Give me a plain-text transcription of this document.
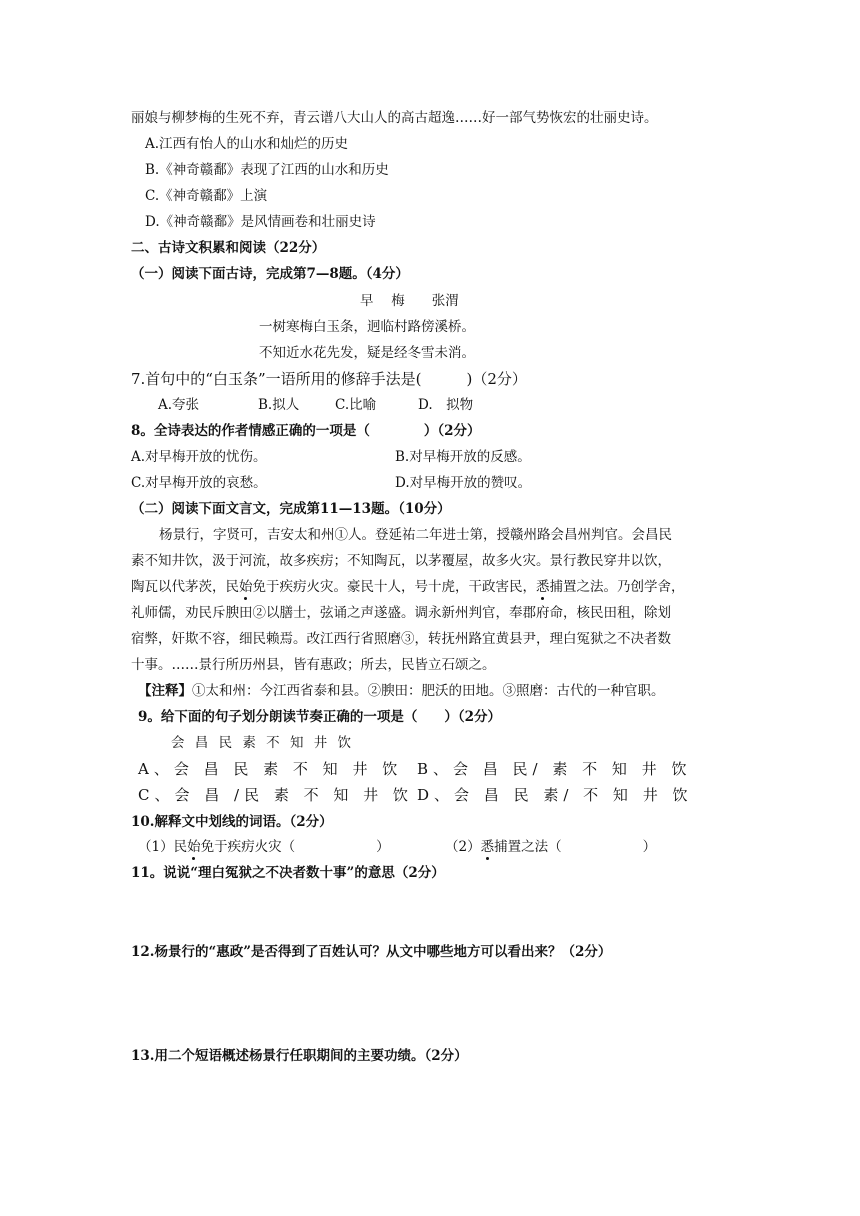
丽娘与柳梦梅的生死不弃，青云谱八大山人的高古超逸……好一部气势恢宏的壮丽史诗。
A.江西有怡人的山水和灿烂的历史
B.《神奇赣鄱》表现了江西的山水和历史
C.《神奇赣鄱》上演
D.《神奇赣鄱》是风情画卷和壮丽史诗
二、古诗文积累和阅读（22分）
（一）阅读下面古诗，完成第7—8题。（4分）
早　 梅　　张渭
一树寒梅白玉条，迥临村路傍溪桥。
不知近水花先发，疑是经冬雪未消。
7.首句中的“白玉条”一语所用的修辞手法是(　　　)（2分）
A.夸张	B.拟人	C.比喻	D.　拟物
8。全诗表达的作者情感正确的一项是（　　　　）（2分）
A.对早梅开放的忧伤。	B.对早梅开放的反感。
C.对早梅开放的哀愁。	D.对早梅开放的赞叹。
（二）阅读下面文言文，完成第11—13题。（10分）
杨景行，字贤可，吉安太和州①人。登延祐二年进士第，授赣州路会昌州判官。会昌民
素不知井饮，汲于河流，故多疾疠；不知陶瓦，以茅覆屋，故多火灾。景行教民穿井以饮，
陶瓦以代茅茨，民始免于疾疠火灾。豪民十人，号十虎，干政害民，悉捕置之法。乃创学舍，
礼师儒，劝民斥腴田②以膳士，弦诵之声遂盛。调永新州判官，奉郡府命，核民田租，除划
宿弊，奸欺不容，细民赖焉。改江西行省照磨③，转抚州路宜黄县尹，理白冤狱之不决者数
十事。……景行所历州县，皆有惠政；所去，民皆立石颂之。
【注释】①太和州：今江西省泰和县。②腴田：肥沃的田地。③照磨：古代的一种官职。
9。给下面的句子划分朗读节奏正确的一项是（　　）（2分）
会 昌 民 素 不 知 井 饮
A、会 昌 民 素 不 知 井 饮 B、会 昌 民/ 素 不 知 井 饮
C、会 昌 /民 素 不 知 井 饮 D、会 昌 民 素/ 不 知 井 饮
10.解释文中划线的词语。（2分）
（1）民始免于疾疠火灾（　　　　　　）	（2）悉捕置之法（　　　　　　）
11。说说“理白冤狱之不决者数十事”的意思（2分）
12.杨景行的“惠政”是否得到了百姓认可？从文中哪些地方可以看出来？（2分）
13.用二个短语概述杨景行任职期间的主要功绩。（2分）
